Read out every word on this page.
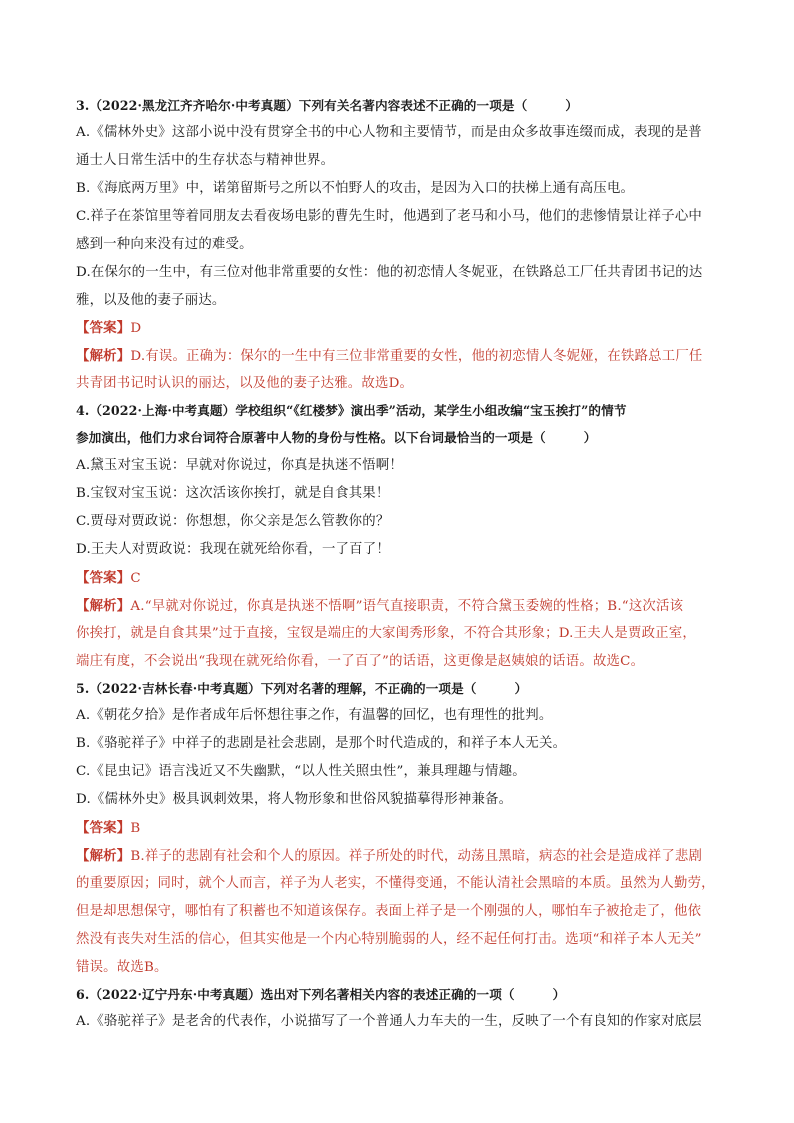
3.（2022·黑龙江齐齐哈尔·中考真题）下列有关名著内容表述不正确的一项是（　　　）
A.《儒林外史》这部小说中没有贯穿全书的中心人物和主要情节，而是由众多故事连缀而成，表现的是普
通士人日常生活中的生存状态与精神世界。
B.《海底两万里》中，诺第留斯号之所以不怕野人的攻击，是因为入口的扶梯上通有高压电。
C.祥子在茶馆里等着同朋友去看夜场电影的曹先生时，他遇到了老马和小马，他们的悲惨情景让祥子心中
感到一种向来没有过的难受。
D.在保尔的一生中，有三位对他非常重要的女性：他的初恋情人冬妮亚，在铁路总工厂任共青团书记的达
雅，以及他的妻子丽达。
【答案】D
【解析】D.有误。正确为：保尔的一生中有三位非常重要的女性，他的初恋情人冬妮娅，在铁路总工厂任
共青团书记时认识的丽达，以及他的妻子达雅。故选D。
4.（2022·上海·中考真题）学校组织“《红楼梦》演出季”活动，某学生小组改编“宝玉挨打”的情节
参加演出，他们力求台词符合原著中人物的身份与性格。以下台词最恰当的一项是（　　　）
A.黛玉对宝玉说：早就对你说过，你真是执迷不悟啊！
B.宝钗对宝玉说：这次活该你挨打，就是自食其果！
C.贾母对贾政说：你想想，你父亲是怎么管教你的？
D.王夫人对贾政说：我现在就死给你看，一了百了！
【答案】C
【解析】A.“早就对你说过，你真是执迷不悟啊”语气直接职责，不符合黛玉委婉的性格；B.“这次活该
你挨打，就是自食其果”过于直接，宝钗是端庄的大家闺秀形象，不符合其形象；D.王夫人是贾政正室，
端庄有度，不会说出“我现在就死给你看，一了百了”的话语，这更像是赵姨娘的话语。故选C。
5.（2022·吉林长春·中考真题）下列对名著的理解，不正确的一项是（　　　）
A.《朝花夕拾》是作者成年后怀想往事之作，有温馨的回忆，也有理性的批判。
B.《骆驼祥子》中祥子的悲剧是社会悲剧，是那个时代造成的，和祥子本人无关。
C.《昆虫记》语言浅近又不失幽默，“以人性关照虫性”，兼具理趣与情趣。
D.《儒林外史》极具讽刺效果，将人物形象和世俗风貌描摹得形神兼备。
【答案】B
【解析】B.祥子的悲剧有社会和个人的原因。祥子所处的时代，动荡且黑暗，病态的社会是造成祥了悲剧
的重要原因；同时，就个人而言，祥子为人老实，不懂得变通，不能认清社会黑暗的本质。虽然为人勤劳，
但是却思想保守，哪怕有了积蓄也不知道该保存。表面上祥子是一个刚强的人，哪怕车子被抢走了，他依
然没有丧失对生活的信心，但其实他是一个内心特别脆弱的人，经不起任何打击。选项“和祥子本人无关”
错误。故选B。
6.（2022·辽宁丹东·中考真题）选出对下列名著相关内容的表述正确的一项（　　　）
A.《骆驼祥子》是老舍的代表作，小说描写了一个普通人力车夫的一生，反映了一个有良知的作家对底层
